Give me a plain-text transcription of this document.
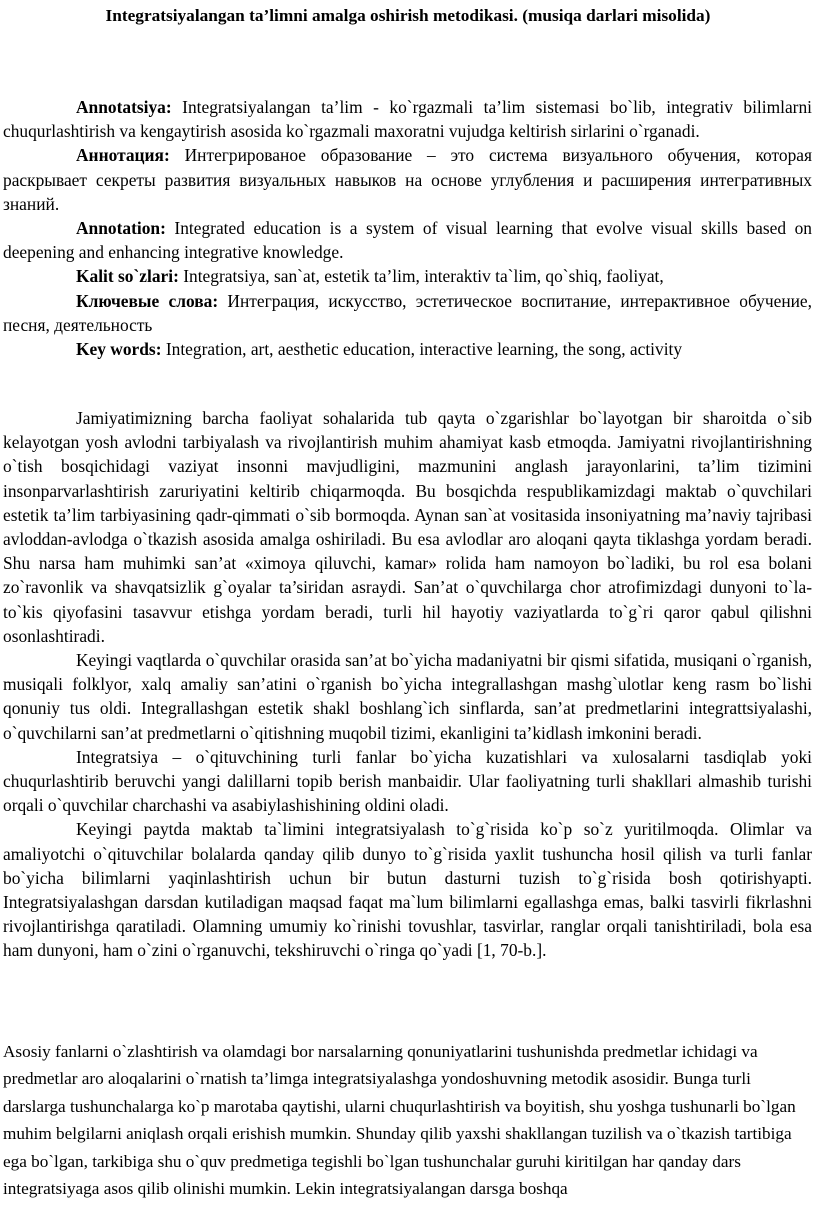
Integratsiyalangan ta’limni amalga oshirish metodikasi. (musiqa darlari misolida)

Annotatsiya: Integratsiyalangan ta’lim - ko`rgazmali ta’lim sistemasi bo`lib, integrativ bilimlarni chuqurlashtirish va kengaytirish asosida ko`rgazmali maxoratni vujudga keltirish sirlarini o`rganadi.

Аннотация: Интегрированое образование – это система визуального обучения, которая раскрывает секреты развития визуальных навыков на основе углубления и расширения интегративных знаний.

Annotation: Integrated education is a system of visual learning that evolve visual skills based on deepening and enhancing integrative knowledge.

Kalit so`zlari: Integratsiya, san`at, estetik ta’lim, interaktiv ta`lim, qo`shiq, faoliyat,

Ключевые слова: Интеграция, искусство, эстетическое воспитание, интерактивное обучение, песня, деятельность

Key words: Integration, art, aesthetic education, interactive learning, the song, activity

Jamiyatimizning barcha faoliyat sohalarida tub qayta o`zgarishlar bo`layotgan bir sharoitda o`sib kelayotgan yosh avlodni tarbiyalash va rivojlantirish muhim ahamiyat kasb etmoqda. Jamiyatni rivojlantirishning o`tish bosqichidagi vaziyat insonni mavjudligini, mazmunini anglash jarayonlarini, ta’lim tizimini insonparvarlashtirish zaruriyatini keltirib chiqarmoqda. Bu bosqichda respublikamizdagi maktab o`quvchilari estetik ta’lim tarbiyasining qadr-qimmati o`sib bormoqda. Aynan san`at vositasida insoniyatning ma’naviy tajribasi avloddan-avlodga o`tkazish asosida amalga oshiriladi. Bu esa avlodlar aro aloqani qayta tiklashga yordam beradi. Shu narsa ham muhimki san’at «ximoya qiluvchi, kamar» rolida ham namoyon bo`ladiki, bu rol esa bolani zo`ravonlik va shavqatsizlik g`oyalar ta’siridan asraydi. San’at o`quvchilarga chor atrofimizdagi dunyoni to`la-to`kis qiyofasini tasavvur etishga yordam beradi, turli hil hayotiy vaziyatlarda to`g`ri qaror qabul qilishni osonlashtiradi.

Keyingi vaqtlarda o`quvchilar orasida san’at bo`yicha madaniyatni bir qismi sifatida, musiqani o`rganish, musiqali folklyor, xalq amaliy san’atini o`rganish bo`yicha integrallashgan mashg`ulotlar keng rasm bo`lishi qonuniy tus oldi. Integrallashgan estetik shakl boshlang`ich sinflarda, san’at predmetlarini integrattsiyalashi, o`quvchilarni san’at predmetlarni o`qitishning muqobil tizimi, ekanligini ta’kidlash imkonini beradi.

Integratsiya – o`qituvchining turli fanlar bo`yicha kuzatishlari va xulosalarni tasdiqlab yoki chuqurlashtirib beruvchi yangi dalillarni topib berish manbaidir. Ular faoliyatning turli shakllari almashib turishi orqali o`quvchilar charchashi va asabiylashishining oldini oladi.

Keyingi paytda maktab ta`limini integratsiyalash to`g`risida ko`p so`z yuritilmoqda. Olimlar va amaliyotchi o`qituvchilar bolalarda qanday qilib dunyo to`g`risida yaxlit tushuncha hosil qilish va turli fanlar bo`yicha bilimlarni yaqinlashtirish uchun bir butun dasturni tuzish to`g`risida bosh qotirishyapti. Integratsiyalashgan darsdan kutiladigan maqsad faqat ma`lum bilimlarni egallashga emas, balki tasvirli fikrlashni rivojlantirishga qaratiladi. Olamning umumiy ko`rinishi tovushlar, tasvirlar, ranglar orqali tanishtiriladi, bola esa ham dunyoni, ham o`zini o`rganuvchi, tekshiruvchi o`ringa qo`yadi [1, 70-b.].

Asosiy fanlarni o`zlashtirish va olamdagi bor narsalarning qonuniyatlarini tushunishda predmetlar ichidagi va predmetlar aro aloqalarini o`rnatish ta’limga integratsiyalashga yondoshuvning metodik asosidir. Bunga turli darslarga tushunchalarga ko`p marotaba qaytishi, ularni chuqurlashtirish va boyitish, shu yoshga tushunarli bo`lgan muhim belgilarni aniqlash orqali erishish mumkin. Shunday qilib yaxshi shakllangan tuzilish va o`tkazish tartibiga ega bo`lgan, tarkibiga shu o`quv predmetiga tegishli bo`lgan tushunchalar guruhi kiritilgan har qanday dars integratsiyaga asos qilib olinishi mumkin. Lekin integratsiyalangan darsga boshqa
